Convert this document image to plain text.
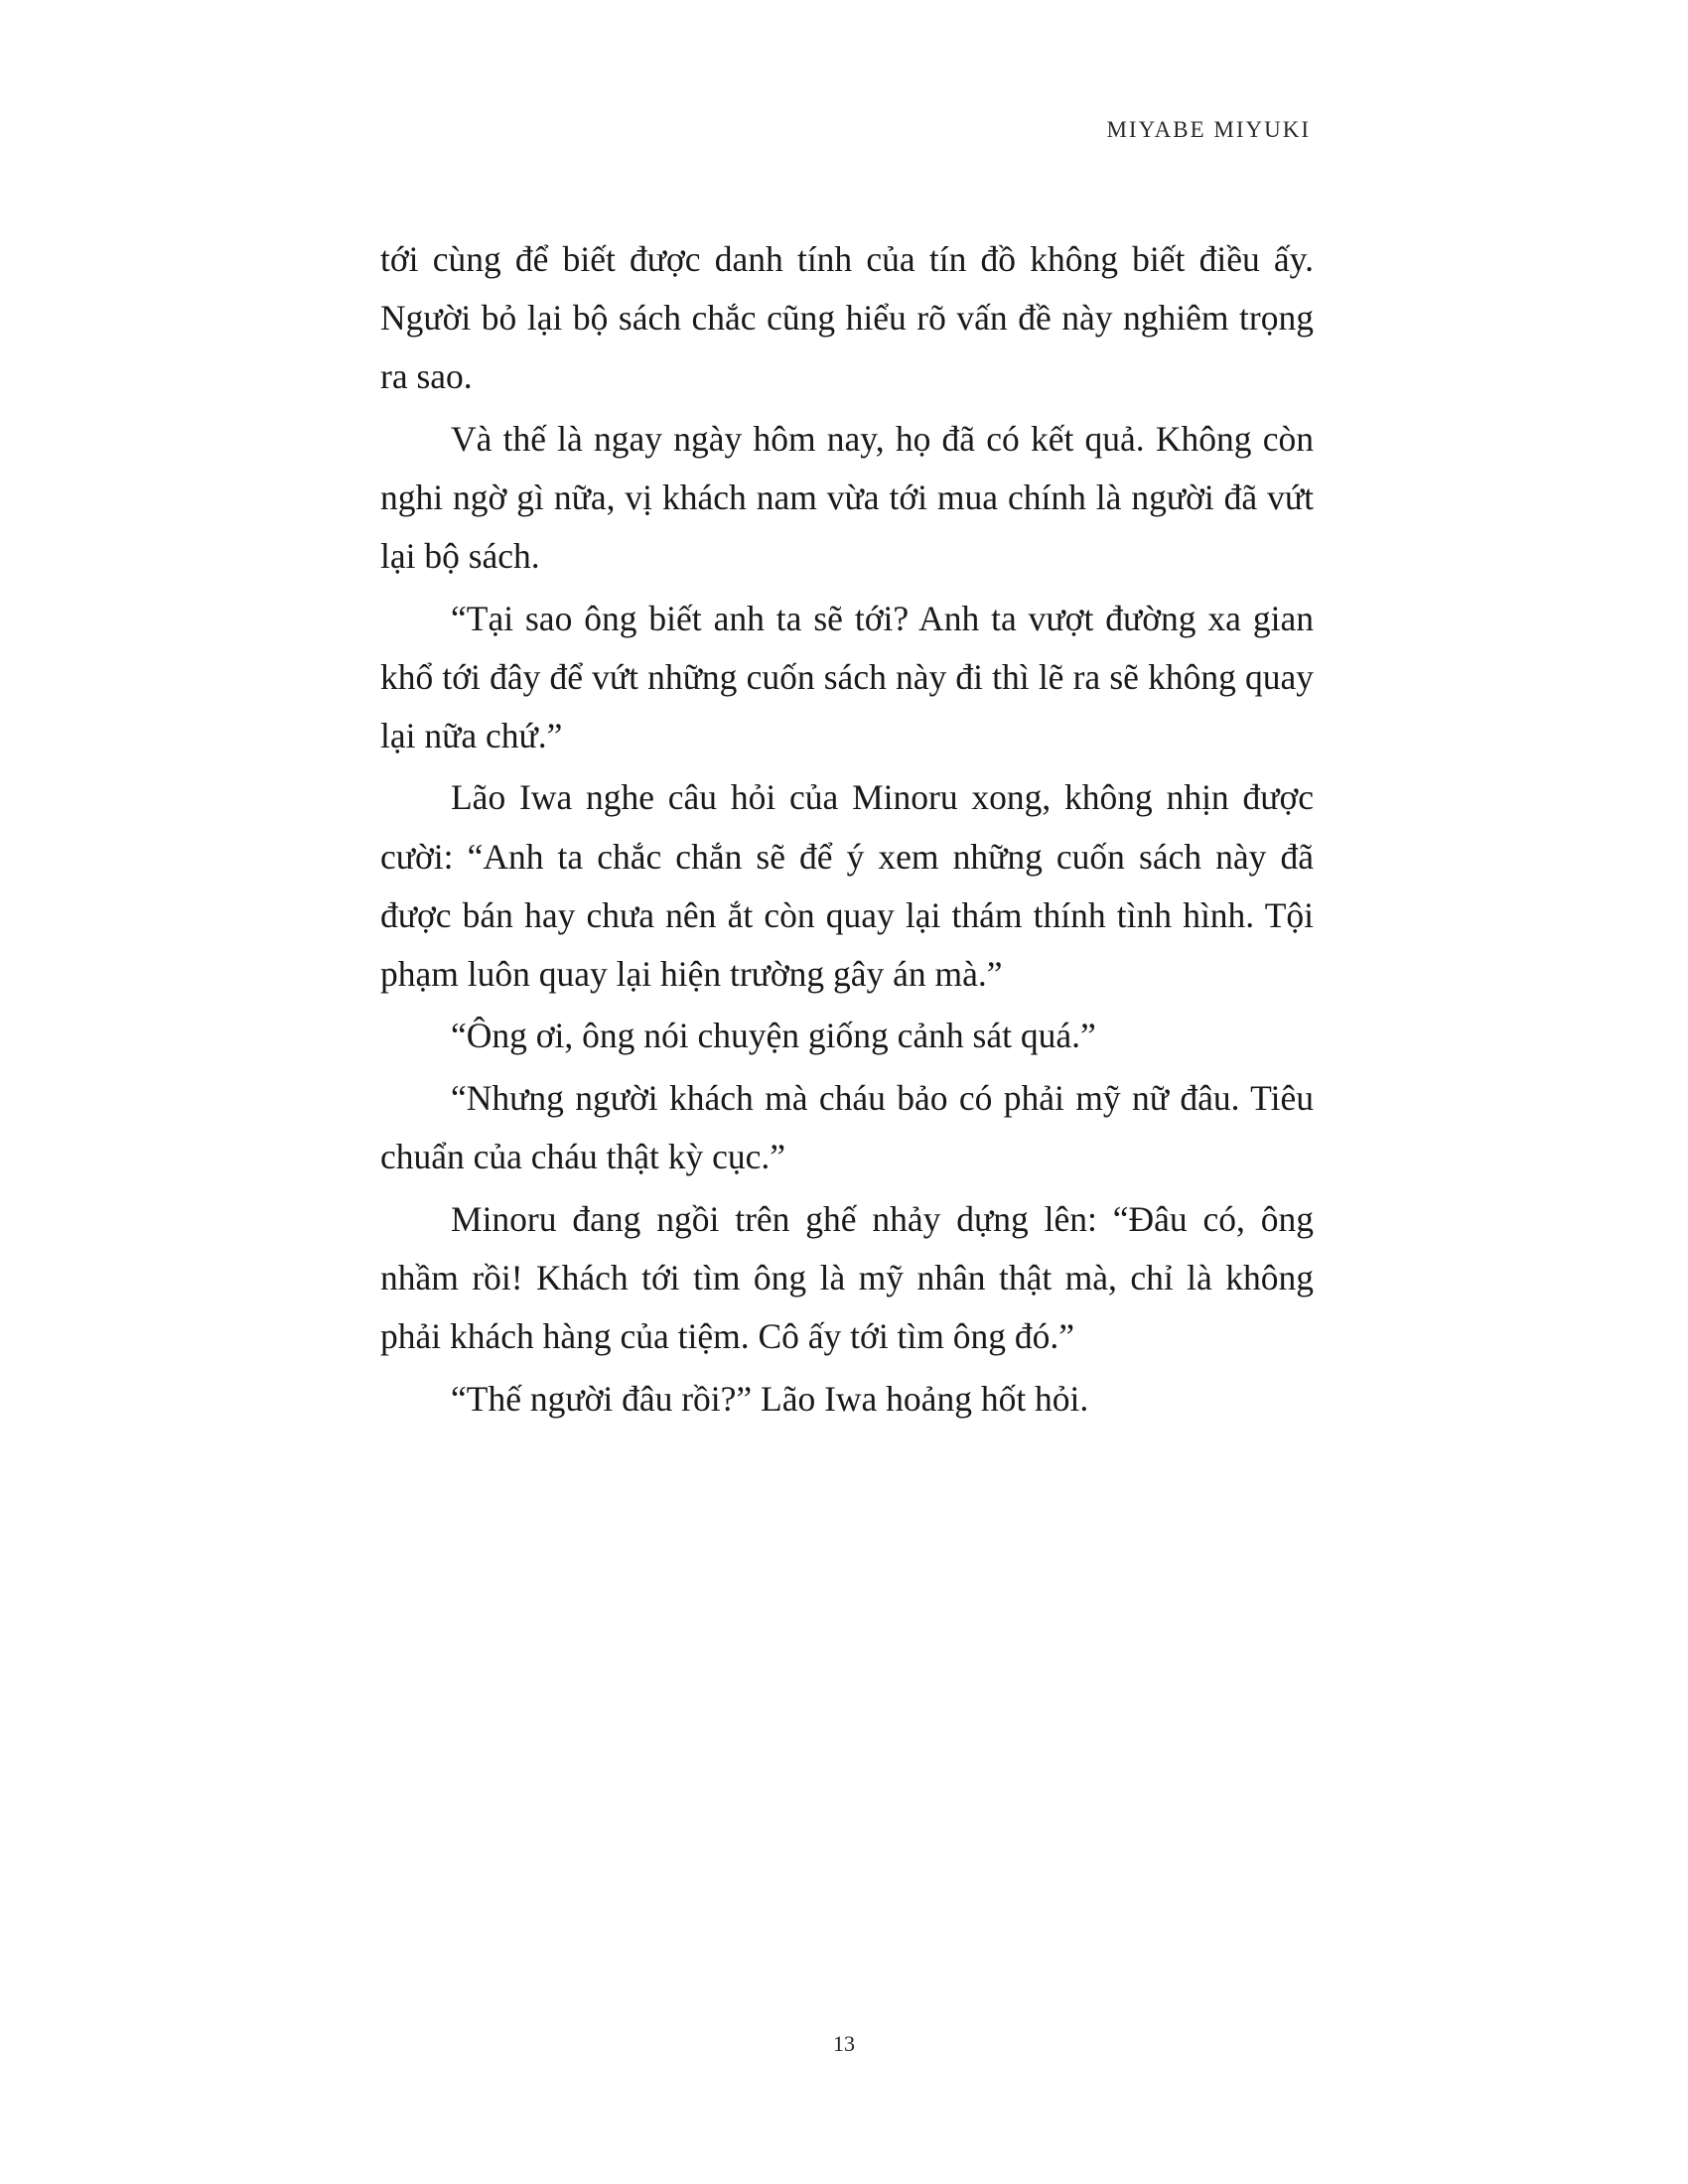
MIYABE MIYUKI

tới cùng để biết được danh tính của tín đồ không biết điều ấy. Người bỏ lại bộ sách chắc cũng hiểu rõ vấn đề này nghiêm trọng ra sao.

Và thế là ngay ngày hôm nay, họ đã có kết quả. Không còn nghi ngờ gì nữa, vị khách nam vừa tới mua chính là người đã vứt lại bộ sách.

“Tại sao ông biết anh ta sẽ tới? Anh ta vượt đường xa gian khổ tới đây để vứt những cuốn sách này đi thì lẽ ra sẽ không quay lại nữa chứ.”

Lão Iwa nghe câu hỏi của Minoru xong, không nhịn được cười: “Anh ta chắc chắn sẽ để ý xem những cuốn sách này đã được bán hay chưa nên ắt còn quay lại thám thính tình hình. Tội phạm luôn quay lại hiện trường gây án mà.”

“Ông ơi, ông nói chuyện giống cảnh sát quá.”

“Nhưng người khách mà cháu bảo có phải mỹ nữ đâu. Tiêu chuẩn của cháu thật kỳ cục.”

Minoru đang ngồi trên ghế nhảy dựng lên: “Đâu có, ông nhầm rồi! Khách tới tìm ông là mỹ nhân thật mà, chỉ là không phải khách hàng của tiệm. Cô ấy tới tìm ông đó.”

“Thế người đâu rồi?” Lão Iwa hoảng hốt hỏi.

13
